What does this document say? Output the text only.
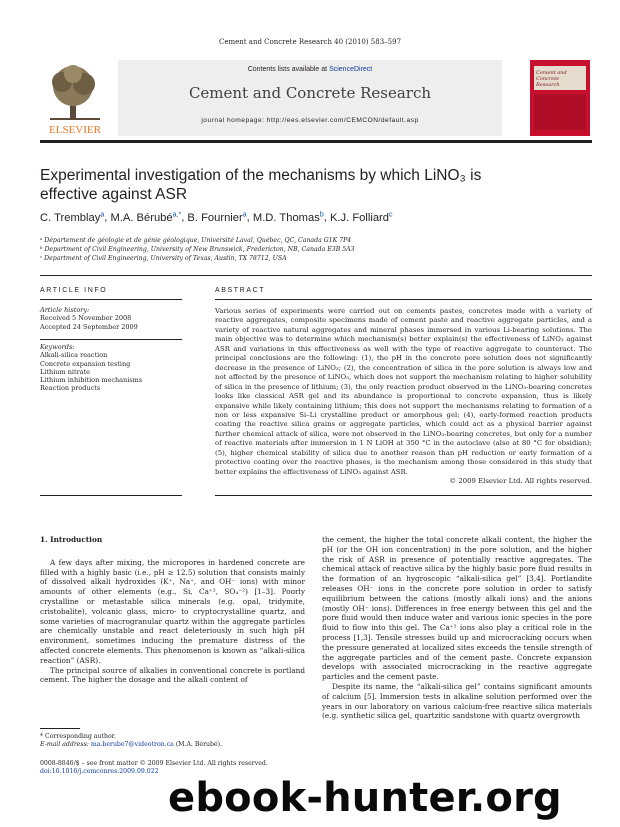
Cement and Concrete Research 40 (2010) 583–597
ELSEVIER
Contents lists available at ScienceDirect
Cement and Concrete Research
journal homepage: http://ees.elsevier.com/CEMCON/default.asp
Cement and Concrete Research
Experimental investigation of the mechanisms by which LiNO₃ is effective against ASR
C. Tremblay$^a$, M.A. Bérubé$^{a,*}$, B. Fournier$^a$, M.D. Thomas$^b$, K.J. Folliard$^c$
ᵃ Département de géologie et de génie géologique, Université Laval, Québec, QC, Canada G1K 7P4
ᵇ Department of Civil Engineering, University of New Brunswick, Fredericton, NB, Canada E3B 5A3
ᶜ Department of Civil Engineering, University of Texas, Austin, TX 78712, USA
ARTICLE INFO
Article history:
Received 5 November 2008
Accepted 24 September 2009
Keywords:
Alkali-silica reaction
Concrete expansion testing
Lithium nitrate
Lithium inhibition mechanisms
Reaction products
ABSTRACT
Various series of experiments were carried out on cements pastes, concretes made with a variety of reactive aggregates, composite specimens made of cement paste and reactive aggregate particles, and a variety of reactive natural aggregates and mineral phases immersed in various Li-bearing solutions. The main objective was to determine which mechanism(s) better explain(s) the effectiveness of LiNO₃ against ASR and variations in this effectiveness as well with the type of reactive aggregate to counteract. The principal conclusions are the following: (1), the pH in the concrete pore solution does not significantly decrease in the presence of LiNO₃; (2), the concentration of silica in the pore solution is always low and not affected by the presence of LiNO₃, which does not support the mechanism relating to higher solubility of silica in the presence of lithium; (3), the only reaction product observed in the LiNO₃-bearing concretes looks like classical ASR gel and its abundance is proportional to concrete expansion, thus is likely expansive while likely containing lithium; this does not support the mechanisms relating to formation of a non or less expansive Si–Li crystalline product or amorphous gel; (4), early-formed reaction products coating the reactive silica grains or aggregate particles, which could act as a physical barrier against further chemical attack of silica, were not observed in the LiNO₃-bearing concretes, but only for a number of reactive materials after immersion in 1 N LiOH at 350 °C in the autoclave (also at 80 °C for obsidian); (5), higher chemical stability of silica due to another reason than pH reduction or early formation of a protective coating over the reactive phases, is the mechanism among those considered in this study that better explains the effectiveness of LiNO₃ against ASR.
© 2009 Elsevier Ltd. All rights reserved.
1. Introduction

A few days after mixing, the micropores in hardened concrete are filled with a highly basic (i.e., pH ≥ 12.5) solution that consists mainly of dissolved alkali hydroxides (K⁺, Na⁺, and OH⁻ ions) with minor amounts of other elements (e.g., Si, Ca⁺², SO₄⁻²) [1–3]. Poorly crystalline or metastable silica minerals (e.g. opal, tridymite, cristobalite), volcanic glass, micro- to cryptocrystalline quartz, and some varieties of macrogranular quartz within the aggregate particles are chemically unstable and react deleteriously in such high pH environment, sometimes inducing the premature distress of the affected concrete elements. This phenomenon is known as “alkali-silica reaction” (ASR).

The principal source of alkalies in conventional concrete is portland cement. The higher the dosage and the alkali content of

the cement, the higher the total concrete alkali content, the higher the pH (or the OH ion concentration) in the pore solution, and the higher the risk of ASR in presence of potentially reactive aggregates. The chemical attack of reactive silica by the highly basic pore fluid results in the formation of an hygroscopic “alkali-silica gel” [3,4]. Portlandite releases OH⁻ ions in the concrete pore solution in order to satisfy equilibrium between the cations (mostly alkali ions) and the anions (mostly OH⁻ ions). Differences in free energy between this gel and the pore fluid would then induce water and various ionic species in the pore fluid to flow into this gel. The Ca⁺² ions also play a critical role in the process [1,3]. Tensile stresses build up and microcracking occurs when the pressure generated at localized sites exceeds the tensile strength of the aggregate particles and of the cement paste. Concrete expansion develops with associated microcracking in the reactive aggregate particles and the cement paste.

Despite its name, the “alkali-silica gel” contains significant amounts of calcium [5]. Immersion tests in alkaline solution performed over the years in our laboratory on various calcium-free reactive silica materials (e.g. synthetic silica gel, quartzitic sandstone with quartz overgrowth

* Corresponding author.
E-mail address: ma.berube7@videotron.ca (M.A. Bérubé).
0008-8846/$ – see front matter © 2009 Elsevier Ltd. All rights reserved.
doi:10.1016/j.cemconres.2009.09.022
ebook-hunter.org
